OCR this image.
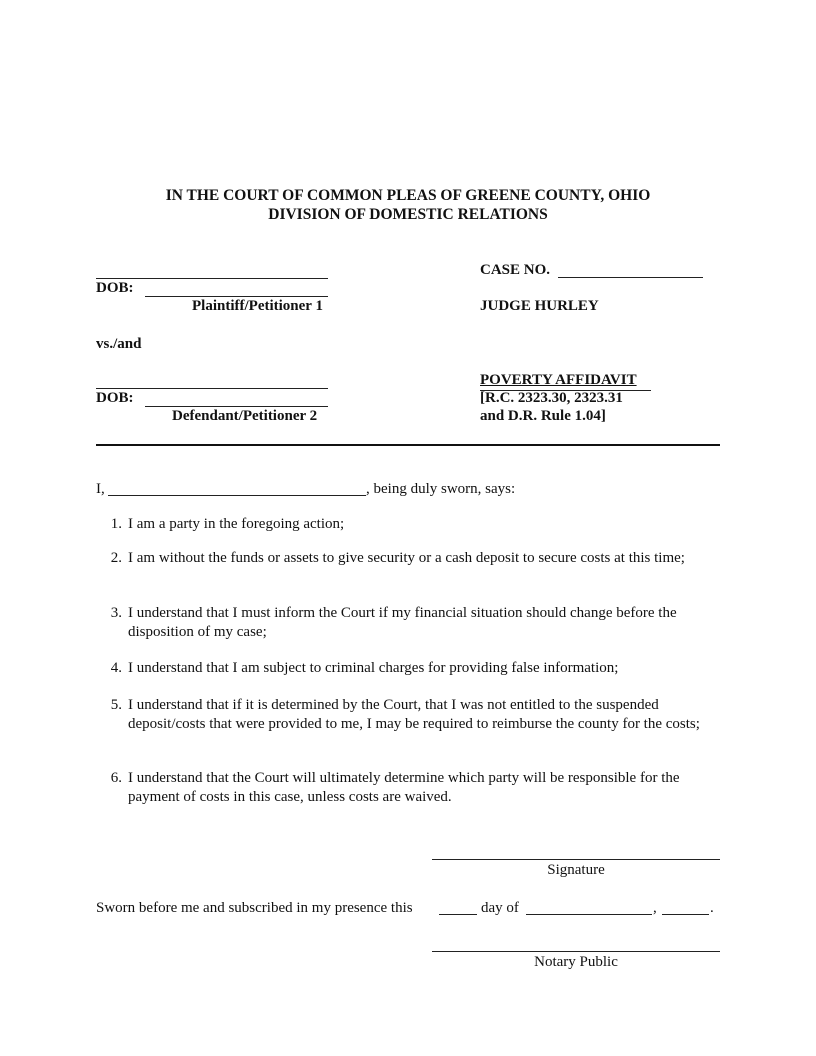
IN THE COURT OF COMMON PLEAS OF GREENE COUNTY, OHIO
DIVISION OF DOMESTIC RELATIONS
DOB:
Plaintiff/Petitioner 1
vs./and
DOB:
Defendant/Petitioner 2
CASE NO.
JUDGE HURLEY
POVERTY AFFIDAVIT
[R.C. 2323.30, 2323.31
and D.R. Rule 1.04]
I,	, being duly sworn, says:
1. I am a party in the foregoing action;
2. I am without the funds or assets to give security or a cash deposit to secure costs at this time;
3. I understand that I must inform the Court if my financial situation should change before the disposition of my case;
4. I understand that I am subject to criminal charges for providing false information;
5. I understand that if it is determined by the Court, that I was not entitled to the suspended deposit/costs that were provided to me, I may be required to reimburse the county for the costs;
6. I understand that the Court will ultimately determine which party will be responsible for the payment of costs in this case, unless costs are waived.
Signature
Sworn before me and subscribed in my presence this	day of	,	.
Notary Public
